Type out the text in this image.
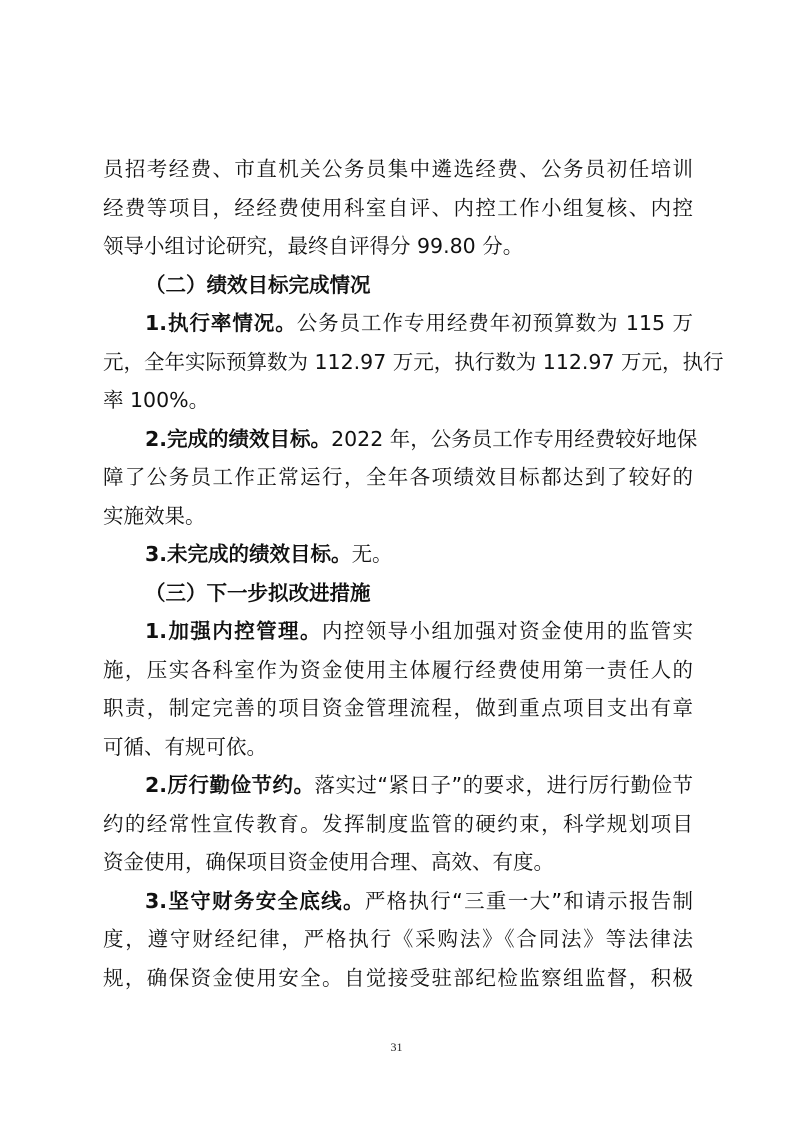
员招考经费、市直机关公务员集中遴选经费、公务员初任培训
经费等项目，经经费使用科室自评、内控工作小组复核、内控
领导小组讨论研究，最终自评得分 99.80 分。
（二）绩效目标完成情况
1.执行率情况。公务员工作专用经费年初预算数为 115 万
元，全年实际预算数为 112.97 万元，执行数为 112.97 万元，执行
率 100%。
2.完成的绩效目标。2022 年，公务员工作专用经费较好地保
障了公务员工作正常运行，全年各项绩效目标都达到了较好的
实施效果。
3.未完成的绩效目标。无。
（三）下一步拟改进措施
1.加强内控管理。内控领导小组加强对资金使用的监管实
施，压实各科室作为资金使用主体履行经费使用第一责任人的
职责，制定完善的项目资金管理流程，做到重点项目支出有章
可循、有规可依。
2.厉行勤俭节约。落实过“紧日子”的要求，进行厉行勤俭节
约的经常性宣传教育。发挥制度监管的硬约束，科学规划项目
资金使用，确保项目资金使用合理、高效、有度。
3.坚守财务安全底线。严格执行“三重一大”和请示报告制
度，遵守财经纪律，严格执行《采购法》《合同法》等法律法
规，确保资金使用安全。自觉接受驻部纪检监察组监督，积极
31
